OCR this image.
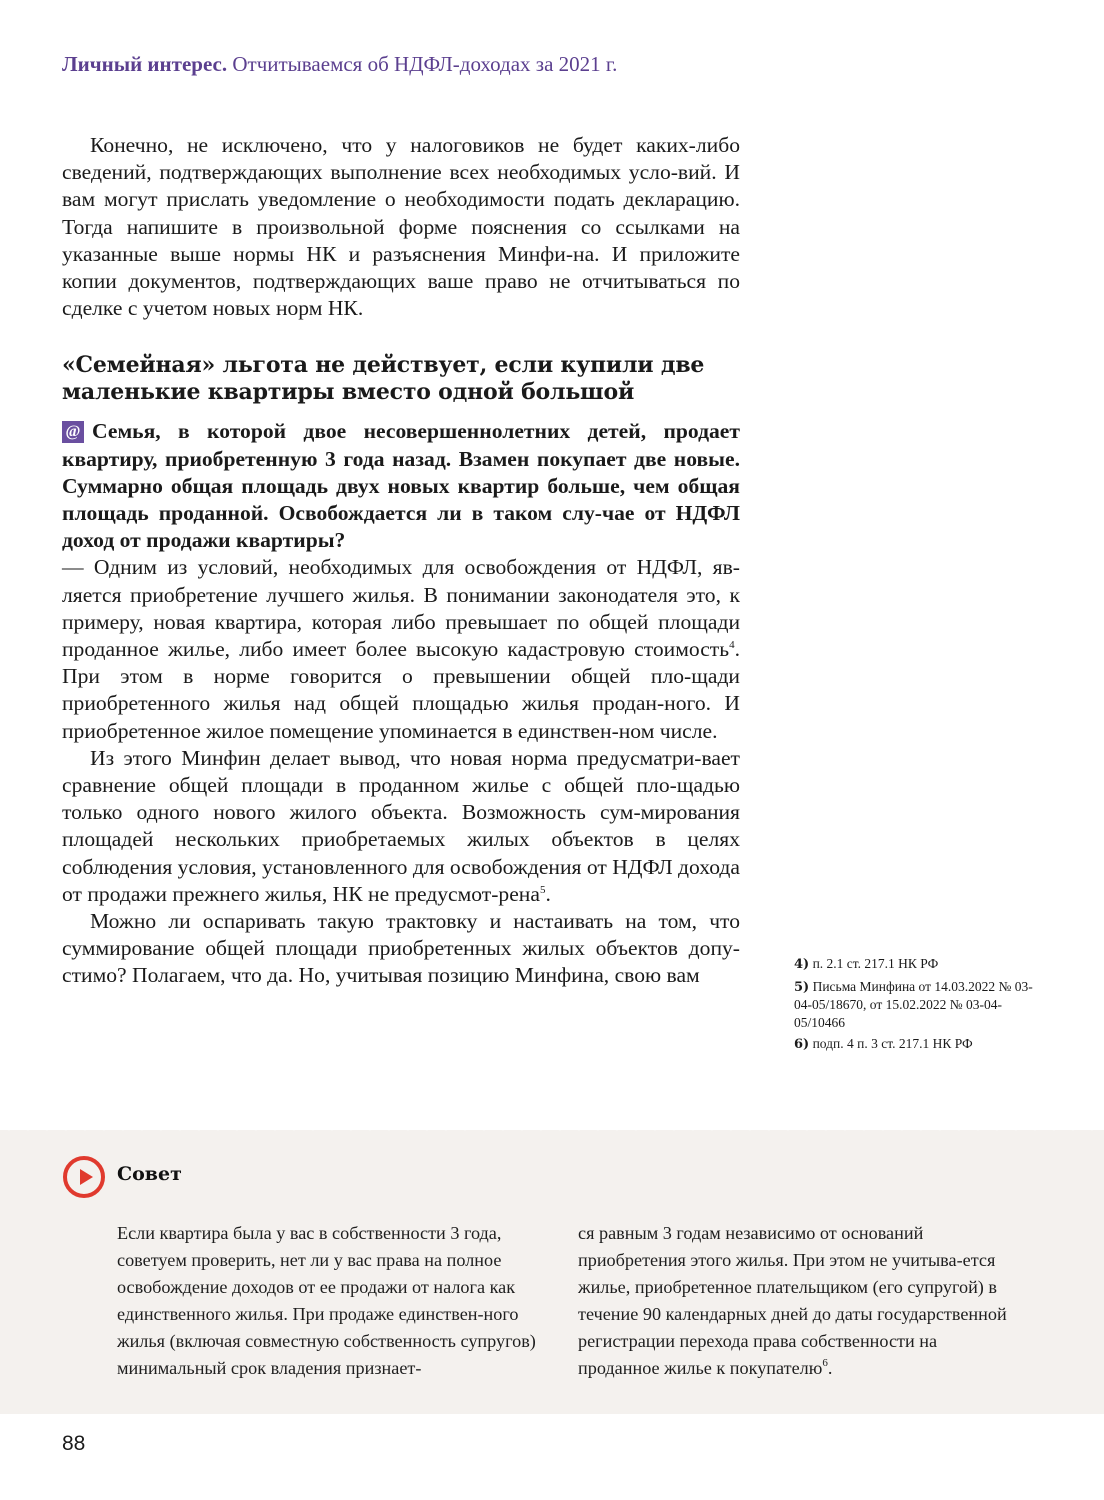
Личный интерес. Отчитываемся об НДФЛ-доходах за 2021 г.

Конечно, не исключено, что у налоговиков не будет каких-либо сведений, подтверждающих выполнение всех необходимых усло-вий. И вам могут прислать уведомление о необходимости подать декларацию. Тогда напишите в произвольной форме пояснения со ссылками на указанные выше нормы НК и разъяснения Минфи-на. И приложите копии документов, подтверждающих ваше право не отчитываться по сделке с учетом новых норм НК.

«Семейная» льгота не действует, если купили две маленькие квартиры вместо одной большой

@ Семья, в которой двое несовершеннолетних детей, продает квартиру, приобретенную 3 года назад. Взамен покупает две новые. Суммарно общая площадь двух новых квартир больше, чем общая площадь проданной. Освобождается ли в таком слу-чае от НДФЛ доход от продажи квартиры?

— Одним из условий, необходимых для освобождения от НДФЛ, яв-ляется приобретение лучшего жилья. В понимании законодателя это, к примеру, новая квартира, которая либо превышает по общей площади проданное жилье, либо имеет более высокую кадастровую стоимость$^4$. При этом в норме говорится о превышении общей пло-щади приобретенного жилья над общей площадью жилья продан-ного. И приобретенное жилое помещение упоминается в единствен-ном числе.

Из этого Минфин делает вывод, что новая норма предусматри-вает сравнение общей площади в проданном жилье с общей пло-щадью только одного нового жилого объекта. Возможность сум-мирования площадей нескольких приобретаемых жилых объектов в целях соблюдения условия, установленного для освобождения от НДФЛ дохода от продажи прежнего жилья, НК не предусмот-рена$^5$.

Можно ли оспаривать такую трактовку и настаивать на том, что суммирование общей площади приобретенных жилых объектов допу-стимо? Полагаем, что да. Но, учитывая позицию Минфина, свою вам	4) п. 2.1 ст. 217.1 НК РФ
5) Письма Минфина от 14.03.2022 № 03-04-05/18670, от 15.02.2022 № 03-04-05/10466
6) подп. 4 п. 3 ст. 217.1 НК РФ
Совет
Если квартира была у вас в собственности 3 года, советуем проверить, нет ли у вас права на полное освобождение доходов от ее продажи от налога как единственного жилья. При продаже единствен-ного жилья (включая совместную собственность супругов) минимальный срок владения признает-
ся равным 3 годам независимо от оснований приобретения этого жилья. При этом не учитыва-ется жилье, приобретенное плательщиком (его супругой) в течение 90 календарных дней до даты государственной регистрации перехода права собственности на проданное жилье к покупателю$^6$.
88
